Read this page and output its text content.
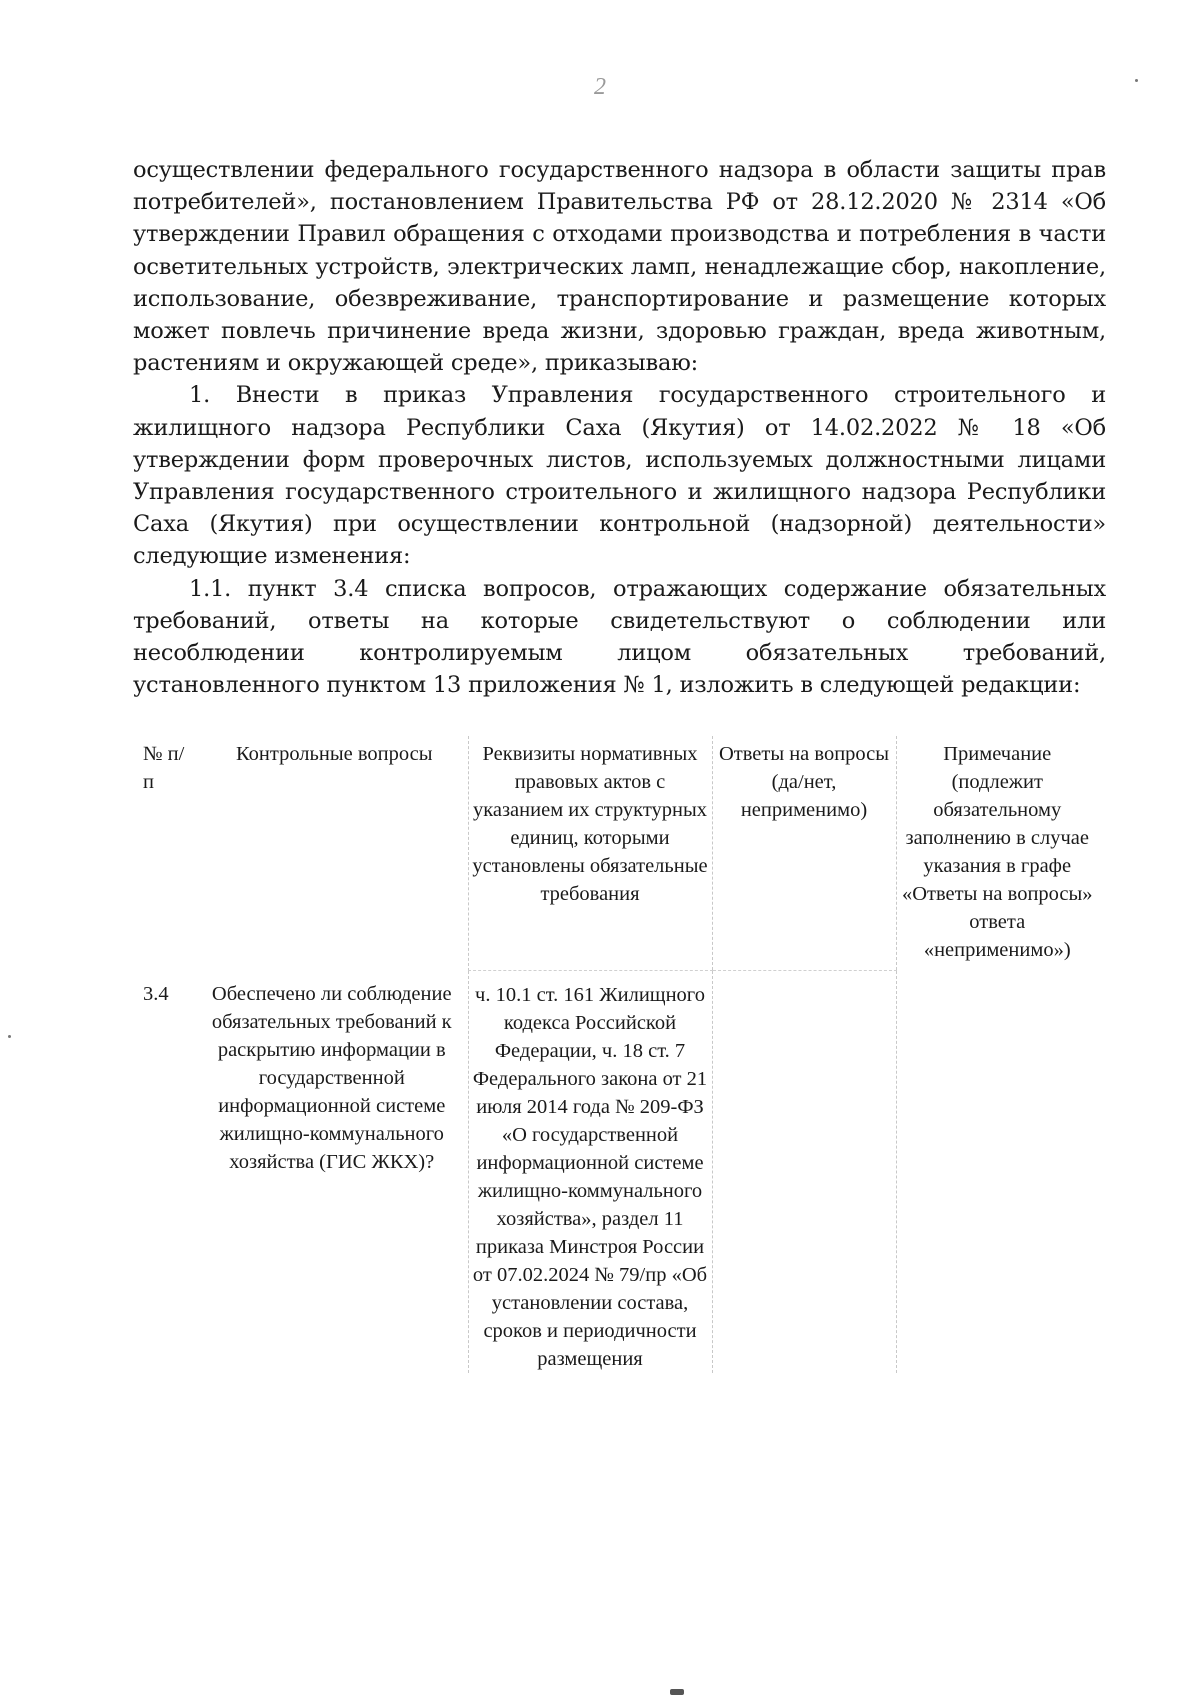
2

осуществлении федерального государственного надзора в области защиты прав потребителей», постановлением Правительства РФ от 28.12.2020 № 2314 «Об утверждении Правил обращения с отходами производства и потребления в части осветительных устройств, электрических ламп, ненадлежащие сбор, накопление, использование, обезвреживание, транспортирование и размещение которых может повлечь причинение вреда жизни, здоровью граждан, вреда животным, растениям и окружающей среде», приказываю:

1. Внести в приказ Управления государственного строительного и жилищного надзора Республики Саха (Якутия) от 14.02.2022 № 18 «Об утверждении форм проверочных листов, используемых должностными лицами Управления государственного строительного и жилищного надзора Республики Саха (Якутия) при осуществлении контрольной (надзорной) деятельности» следующие изменения:

1.1. пункт 3.4 списка вопросов, отражающих содержание обязательных требований, ответы на которые свидетельствуют о соблюдении или несоблюдении контролируемым лицом обязательных требований, установленного пунктом 13 приложения № 1, изложить в следующей редакции:

№ п/п	Контрольные вопросы	Реквизиты нормативных правовых актов с указанием их структурных единиц, которыми установлены обязательные требования	Ответы на вопросы (да/нет, неприменимо)	Примечание (подлежит обязательному заполнению в случае указания в графе «Ответы на вопросы» ответа «неприменимо»)
3.4	Обеспечено ли соблюдение обязательных требований к раскрытию информации в государственной информационной системе жилищно-коммунального хозяйства (ГИС ЖКХ)?	ч. 10.1 ст. 161 Жилищного кодекса Российской Федерации, ч. 18 ст. 7 Федерального закона от 21 июля 2014 года № 209-ФЗ «О государственной информационной системе жилищно-коммунального хозяйства», раздел 11 приказа Минстроя России от 07.02.2024 № 79/пр «Об установлении состава, сроков и периодичности размещения		
